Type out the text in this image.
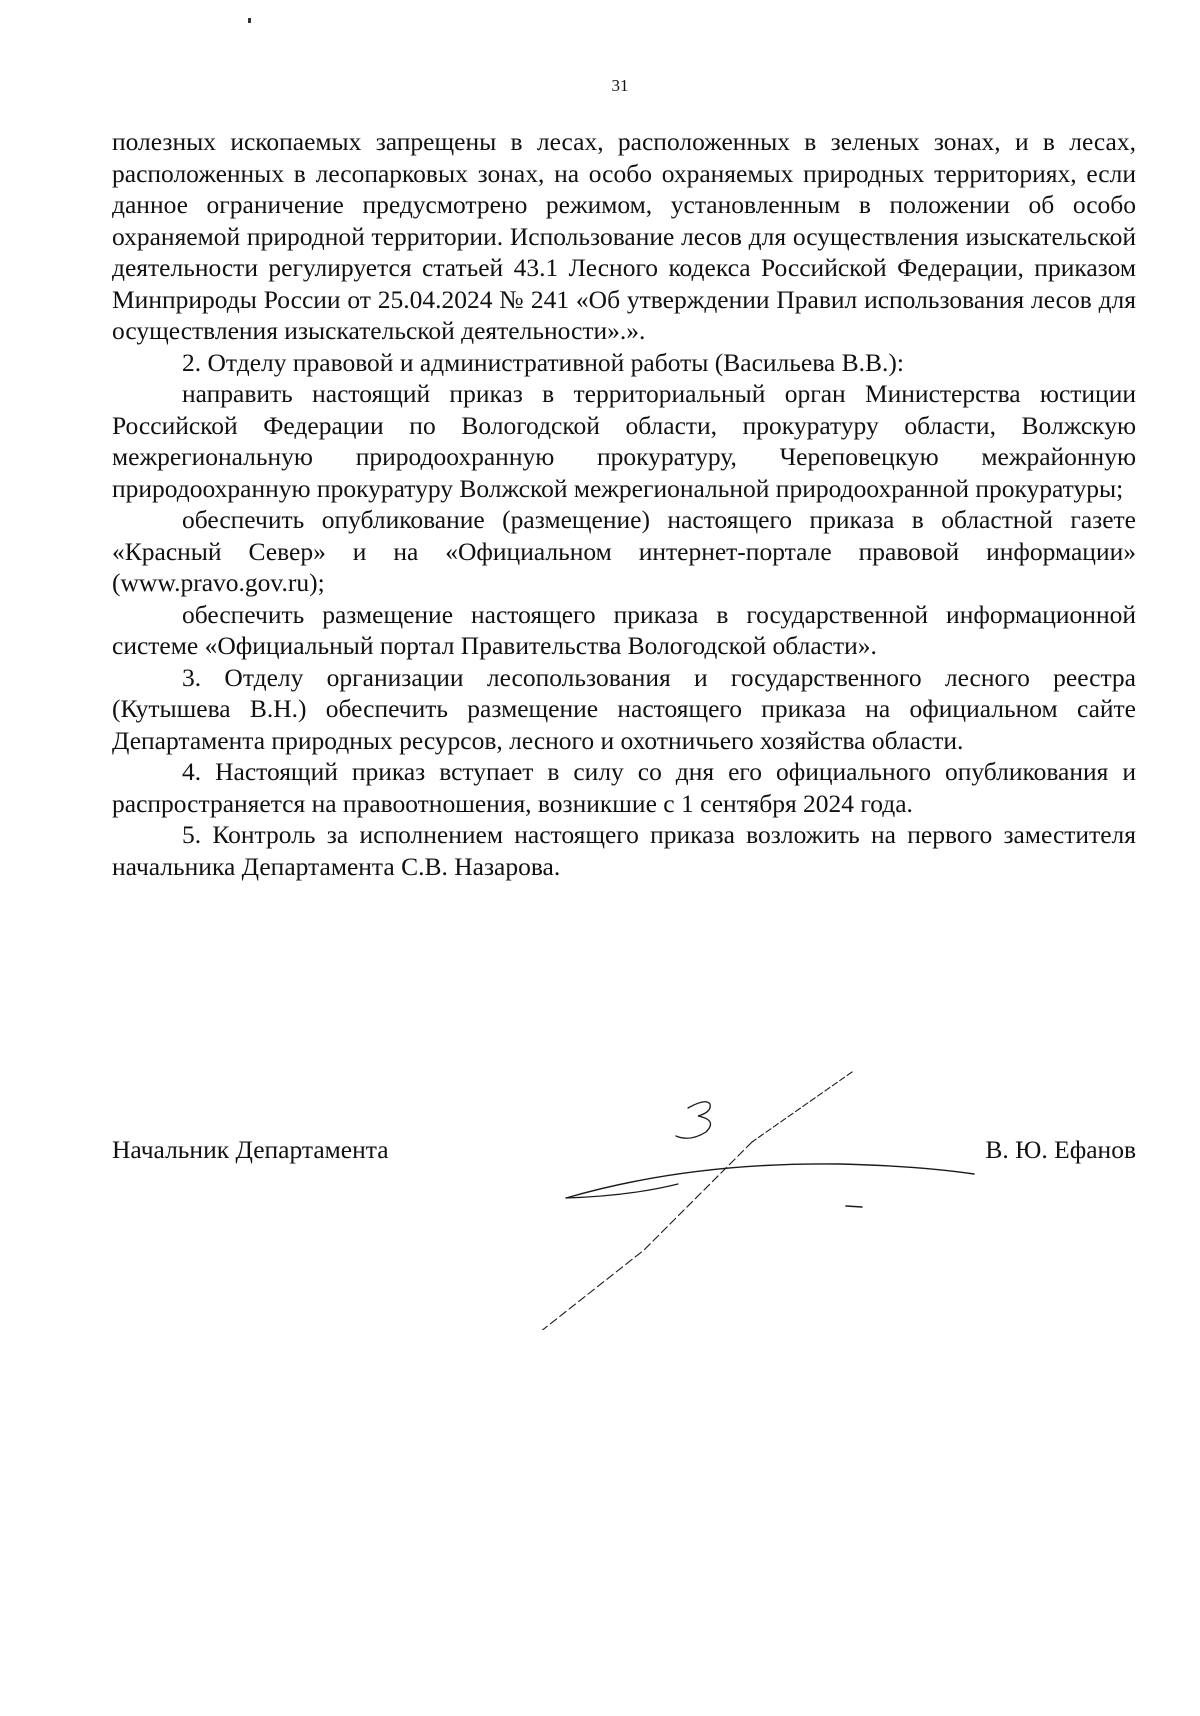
31

полезных ископаемых запрещены в лесах, расположенных в зеленых зонах, и в лесах, расположенных в лесопарковых зонах, на особо охраняемых природных территориях, если данное ограничение предусмотрено режимом, установленным в положении об особо охраняемой природной территории. Использование лесов для осуществления изыскательской деятельности регулируется статьей 43.1 Лесного кодекса Российской Федерации, приказом Минприроды России от 25.04.2024 № 241 «Об утверждении Правил использования лесов для осуществления изыскательской деятельности».».

2. Отделу правовой и административной работы (Васильева В.В.):

направить настоящий приказ в территориальный орган Министерства юстиции Российской Федерации по Вологодской области, прокуратуру области, Волжскую межрегиональную природоохранную прокуратуру, Череповецкую межрайонную природоохранную прокуратуру Волжской межрегиональной природоохранной прокуратуры;

обеспечить опубликование (размещение) настоящего приказа в областной газете «Красный Север» и на «Официальном интернет-портале правовой информации» (www.pravo.gov.ru);

обеспечить размещение настоящего приказа в государственной информационной системе «Официальный портал Правительства Вологодской области».

3. Отделу организации лесопользования и государственного лесного реестра (Кутышева В.Н.) обеспечить размещение настоящего приказа на официальном сайте Департамента природных ресурсов, лесного и охотничьего хозяйства области.

4. Настоящий приказ вступает в силу со дня его официального опубликования и распространяется на правоотношения, возникшие с 1 сентября 2024 года.

5. Контроль за исполнением настоящего приказа возложить на первого заместителя начальника Департамента С.В. Назарова.

Начальник Департамента	В. Ю. Ефанов
